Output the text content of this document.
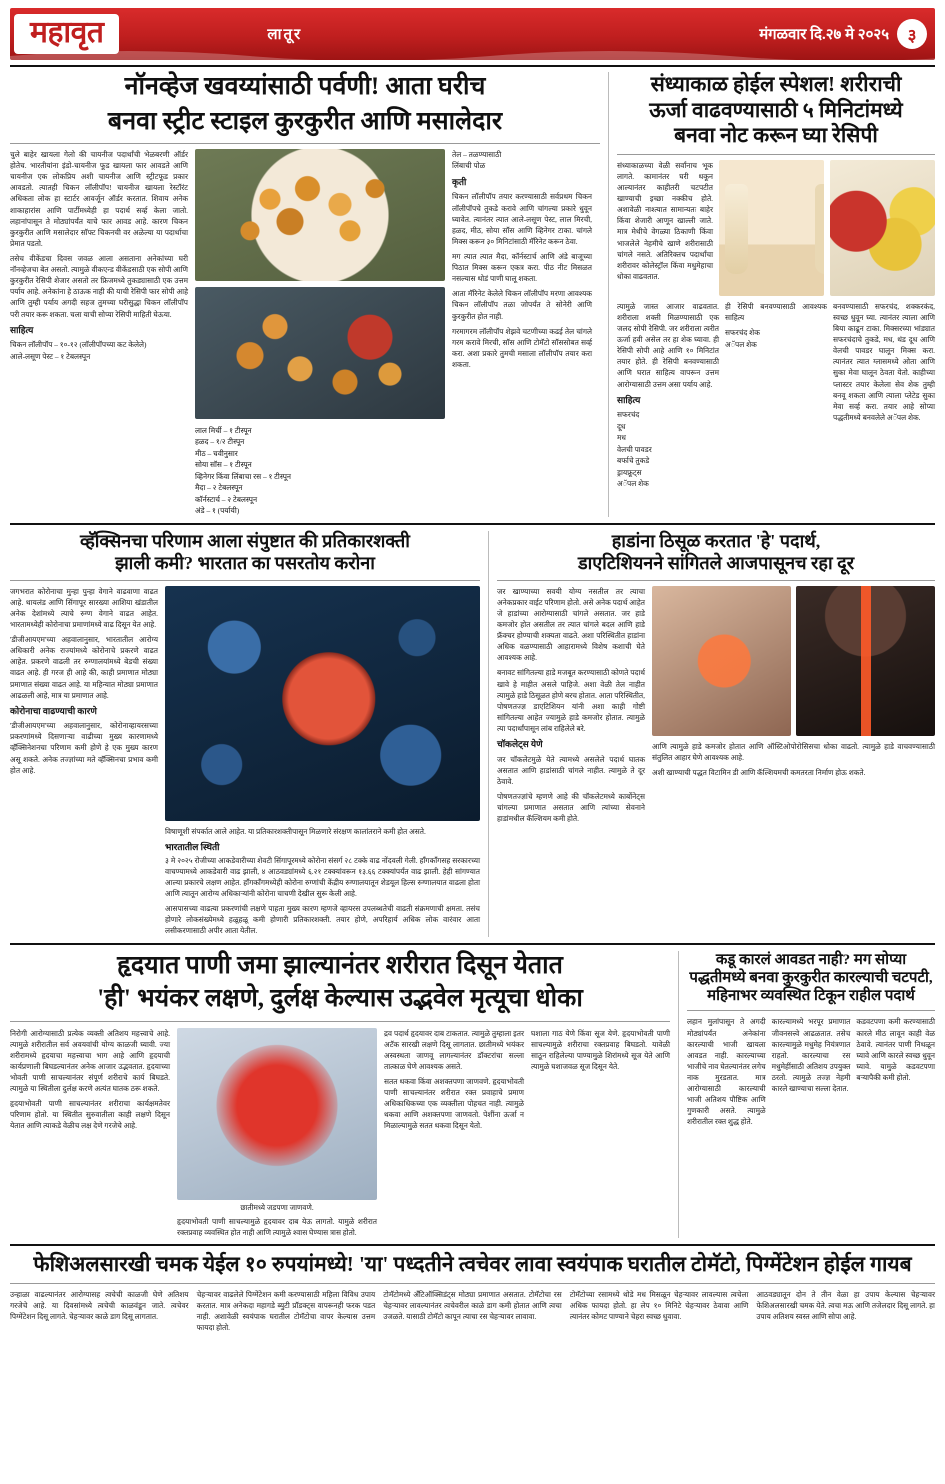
महावृत	लातूर	मंगळवार दि.२७ मे २०२५	३
नॉनव्हेज खवय्यांसाठी पर्वणी! आता घरीच
बनवा स्ट्रीट स्टाइल कुरकुरीत आणि मसालेदार

चुले बाहेर खायला गेलो की चायनीज पदार्थांची भेळबरणी ऑर्डर होतेच. भारतीयांना इंडो-चायनीज फूड खायला फार आवडते आणि चायनीज एक लोकप्रिय अशी चायनीज आणि स्ट्रीटफूड प्रकार आवडतो. त्यातही चिकन लॉलीपॉप! चायनीज खायला रेस्टॉरंट अधिकता लोक हा स्टार्टर आवर्जून ऑर्डर करतात. शिवाय अनेक शाकाहारांस आणि पार्टीमध्येही हा पदार्थ सर्व्ह केला जातो. लहानांपासून ते मोठ्यांपर्यंत याचे फार आवड आहे. कारण चिकन कुरकुरीत आणि मसालेदार सॉफ्ट चिकनची वर अळेल्या या पदार्थाचा प्रेमात पडतो.

तसेच वीकेंडचा दिवस जवळ आला असताना अनेकांच्या घरी नॉनव्हेजचा बेत असतो. त्यामुळे वीकएन्ड वीकेंडसाठी एक सोपी आणि कुरकुरीत रेसिपी शेजार असतो तर फ्रिजमध्ये तुकड्यासाठी एक उत्तम पर्याय आहे. अनेकांना हे ठाऊक नाही की याची रेसिपी फार सोपी आहे आणि तुम्ही पर्याय अगदी सहज तुमच्या घरीसुद्धा चिकन लॉलीपॉप परी तयार करू शकता. चला याची सोप्या रेसिपी माहिती घेऊया.

साहित्य
चिकन लॉलीपॉप – १०-१२ (लॉलीपॉपच्या कट केलेले)
आले-लसूण पेस्ट – १ टेबलस्पून
लाल मिर्ची – १ टीस्पून
हळद – १/२ टीस्पून
मीठ – चवीनुसार
सोया सॉस – १ टीस्पून
व्हिनेगर किंवा लिंबाचा रस – १ टीस्पून
मैदा – २ टेबलस्पून
कॉर्नस्टार्च – २ टेबलस्पून
अंडे – १ (पर्यायी)
तेल – तळण्यासाठी
लिंबाची पोळ
कृती

चिकन लॉलीपॉप तयार करण्यासाठी सर्वप्रथम चिकन लॉलीपॉपचे तुकडे करावे आणि चांगल्या प्रकारे धुवून घ्यावेत. त्यानंतर त्यात आले-लसूण पेस्ट, लाल मिरची, हळद, मीठ, सोया सॉस आणि व्हिनेगर टाका. चांगले मिक्स करून ३० मिनिटांसाठी मॅरिनेट करून ठेवा.

मग त्यात त्यात मैदा, कॉर्नस्टार्च आणि अंडे बाजूच्या पिठात मिक्स करून एकत्र करा. पीठ नीट मिसळत नसल्यास थोडं पाणी घालू शकता.

आता मॅरिनेट केलेले चिकन लॉलीपॉप मरणा आवश्यक चिकन लॉलीपॉप तळा जोपर्यंत ते सोनेरी आणि कुरकुरीत होत नाही.

गरमागरम लॉलीपॉप शेझवे चटणीच्या कढई तेल चांगले गरम करावे मिरची, सॉस आणि टोमॅटो सॉससोबत सर्व्ह करा. अशा प्रकारे तुमची मसाला लॉलीपॉप तयार करा शकता.

संध्याकाळ होईल स्पेशल! शरीराची
ऊर्जा वाढवण्यासाठी ५ मिनिटांमध्ये
बनवा नोट करून घ्या रेसिपी

संध्याकाळच्या वेळी सर्वांनाच भूक लागते. कामानंतर घरी थकून आल्यानंतर काहीतरी चटपटीत खाण्याची इच्छा नक्कीच होते. अशावेळी नाश्त्यात सामान्यतः बाहेर किंवा शेजारी आणून खाल्ली जाते. मात्र मेथीचे वेगळ्या ठिकाणी किंवा भाजलेले नेहमीचे खाणे शरीरासाठी चांगले नसते. अतिरिक्तच पदार्थांचा शरीरावर कोलेस्ट्रॉल किंवा मधुमेहाचा धोका वाढवतात.

त्यामुळे जास्त आजार वाढवतात. शरीराला शक्ती मिळण्यासाठी एक जलद सोपी रेसिपी. जर शरीराला त्वरीत ऊर्जा हवी असेल तर हा शेक घ्यावा. ही रेसिपी सोपी आहे आणि १० मिनिटांत तयार होते. ही रेसिपी बनवण्यासाठी आणि घरात साहित्य वापरून उत्तम आरोग्यासाठी उत्तम असा पर्याय आहे.

साहित्य
सफरचंद
दूध
मध
वेलची पावडर
बर्फाचे तुकडे
ड्रायफ्रूट्स
अॅपल शेक

ही रेसिपी बनवण्यासाठी आवश्यक साहित्य

सफरचंद शेक
अॅपल शेक

बनवण्यासाठी सफरचंद, शक्करकंद, स्वच्छ धुवून घ्या. त्यानंतर त्याला आणि बिया काढून टाका. मिक्सरच्या भांड्यात सफरचंदाचे तुकडे, मध, थंड दूध आणि वेलची पावडर घालून मिक्स करा. त्यानंतर त्यात ग्लासमध्ये ओता आणि सुका मेवा घालून ठेवता येतो. काहीच्या प्लास्टर तयार केलेला सेव शेक तुम्ही बनवू शकता आणि त्याला प्लेटेड सुका मेवा सर्व्ह करा. तयार आहे सोप्या पद्धतीमध्ये बनवलेले अॅपल शेक.

व्हॅक्सिनचा परिणाम आला संपुष्टात की प्रतिकारशक्ती
झाली कमी? भारतात का पसरतोय करोना

जगभरात कोरोनाचा मुन्हा पुन्हा वेगाने वाढवाणा वाढत आहे. थायलंड आणि सिंगापूर सारख्या आशिया खंडातील अनेक देशांमध्ये त्याचे रुग्ण वेगाने वाढत आहेत. भारतामध्येही कोरोनाचा प्रमाणांमध्ये वाढ दिसून येत आहे.

'डीजीआयएम'च्या अहवालानुसार, भारतातील आरोग्य अधिकारी अनेक राज्यांमध्ये कोरोनाचे प्रकरणे वाढत आहेत. प्रकरणे वाढली तर रुग्णालयांमध्ये बेडची संख्या वाढत आहे. ही गरज ही आहे की, काही प्रमाणात मोठ्या प्रमाणात संख्या वाढत आहे. या महिन्यात मोठ्या प्रमाणात आढळली आहे, मात्र या प्रमाणात आहे.

कोरोनाचा वाढण्याची कारणे

'डीजीआयएम'च्या अहवालानुसार, कोरोनाव्हायरसच्या प्रकरणांमध्ये दिसणाऱ्या वाढीच्या मुख्य कारणामध्ये व्हॅक्सिनेशनचा परिणाम कमी होणे हे एक मुख्य कारण असू शकते. अनेक तज्ज्ञांच्या मते व्हॅक्सिनचा प्रभाव कमी होत आहे.

विषाणूशी संपर्कात आले आहेत. या प्रतिकारशक्तीपासून मिळणारे संरक्षण कालांतराने कमी होत असते.
भारतातील स्थिती
३ मे २०२५ रोजीच्या आकडेवारीच्या शेवटी सिंगापूरमध्ये कोरोना संसर्ग २८ टक्के वाढ नोंदवली गेली. हाँगकाँगसह सरकारच्या वाचण्यामध्ये आकडेवारी वाढ झाली, ४ आठवड्यांमध्ये ६.२१ टक्क्यांवरून १३.६६ टक्क्यांपर्यंत वाढ झाली. हेही सांगण्यात आल्या प्रकारचे लक्षण आहेत. हाँगकाँगमध्येही कोरोना रुग्णांची केंद्रीय रुग्णालयातून शेडयूल हिल्स रुग्णालयात वाढला होता आणि त्यातून आरोग्य अधिकाऱ्यांनी कोरोना चाचणी देखील सुरू केली आहे.
आसपासच्या वाढत्या प्रकरणांची लक्षणे पाहता मुख्य कारण म्हणजे व्हायरस उपलब्धतेची वाढती संक्रमणाची क्षमता. तसंच होणारे लोकसंख्येमध्ये हळूहळू कमी होणारी प्रतिकारशक्ती. तयार होणे, अपरिहार्य अधिक लोक वारंवार आता लसीकरणासाठी अपीर आता येतील.
हाडांना ठिसूळ करतात 'हे' पदार्थ,
डाएटिशियनने सांगितले आजपासूनच रहा दूर

जर खाण्याच्या सवयी योग्य नसतील तर त्याचा अनेकप्रकार वाईट परिणाम होतो. असे अनेक पदार्थ आहेत जे हाडांच्या आरोग्यासाठी चांगले असतात. जर हाडे कमजोर होत असतील तर त्यात चांगले बदल आणि हाडे फ्रॅक्चर होण्याची शक्यता वाढते. अशा परिस्थितीत हाडांना अधिक वळण्यासाठी आहारामध्ये विशेष कशाची घेते आवश्यक आहे.

बनावट सांगितल्या हाडे मजबूत करण्यासाठी कोणते पदार्थ खावे हे माहीत असले पाहिजे. अशा वेळी तेल नाहीत त्यामुळे हाडे ठिसूळत होणे बरच होतात. आता परिस्थितीत, पोषणतज्ज्ञ डाएटिशियन यांनी अशा काही गोष्टी सांगितल्या आहेत ज्यामुळे हाडे कमजोर होतात. त्यामुळे त्या पदार्थांपासून लांब राहिलेले बरे.

चॉकलेट्स येणे

जर चॉकलेटमुळे येते त्यामध्ये असलेले पदार्थ घातक असतात आणि हाडांसाठी चांगले नाहीत. त्यामुळे ते दूर ठेवावे.

पोषणतज्ज्ञांचे म्हणणे आहे की चॉकलेटमध्ये कार्बोनेट्स चांगल्या प्रमाणात असतात आणि त्यांच्या सेवनाने हाडांमधील कॅल्शियम कमी होते.

आणि त्यामुळे हाडे कमजोर होतात आणि ऑस्टिओपोरोसिसचा धोका वाढतो. त्यामुळे हाडे वाचवण्यासाठी संतुलित आहार घेणे आवश्यक आहे.
अशी खाण्याची पद्धत विटामिन डी आणि कॅल्शियमची कमतरता निर्माण होऊ शकते.
हृदयात पाणी जमा झाल्यानंतर शरीरात दिसून येतात
'ही' भयंकर लक्षणे, दुर्लक्ष केल्यास उद्भवेल मृत्यूचा धोका

निरोगी आरोग्यासाठी प्रत्येक व्यक्ती अतिशय महत्त्वाचे आहे. त्यामुळे शरीरातील सर्व अवयवांची योग्य काळजी घ्यावी. ज्या शरीरामध्ये हृदयाचा महत्त्वाचा भाग आहे आणि हृदयाची कार्यप्रणाली बिघडल्यानंतर अनेक आजार उद्भवतात. हृदयाच्या भोवती पाणी साचल्यानंतर संपूर्ण शरीराचे कार्य बिघडते. त्यामुळे या स्थितीला दुर्लक्ष करणे अत्यंत घातक ठरू शकते.

हृदयाभोवती पाणी साचल्यानंतर शरीराचा कार्यक्षमतेवर परिणाम होतो. या स्थितीत सुरुवातीला काही लक्षणे दिसून येतात आणि त्याकडे वेळीच लक्ष देणे गरजेचे आहे.

छातीमध्ये जडपणा जाणवणे.
हृदयाभोवती पाणी साचल्यामुळे हृदयावर दाब येऊ लागतो. यामुळे शरीरात रक्तप्रवाह व्यवस्थित होत नाही आणि त्यामुळे श्वास घेण्यास त्रास होतो.

द्रव पदार्थ हृदयावर दाब टाकतात. त्यामुळे तुम्हाला इतर अटॅक सारखी लक्षणे दिसू लागतात. छातीमध्ये भयंकर अस्वस्थता जाणवू लागल्यानंतर डॉक्टरांचा सल्ला तात्काळ घेणे आवश्यक असते.

सतत थकवा किंवा अशक्तपणा जाणवणे. हृदयाभोवती पाणी साचल्यानंतर शरीरात रक्त प्रवाहाचे प्रमाण अधिकाधिकच्या एक व्यक्तीला पोहचत नाही. त्यामुळे थकवा आणि अशक्तपणा जाणवतो. पेशींना ऊर्जा न मिळाल्यामुळे सतत थकवा दिसून येतो.

घशाला गाठ येणे किंवा सूज येणे. हृदयाभोवती पाणी साचल्यामुळे शरीराचा रक्तप्रवाह बिघडतो. यावेळी साठून राहिलेल्या पाण्यामुळे शिरांमध्ये सूज येते आणि त्यामुळे घशाजवळ सूज दिसून येते.

कडू कारलं आवडत नाही? मग सोप्या
पद्धतीमध्ये बनवा कुरकुरीत कारल्याची चटपटी,
महिनाभर व्यवस्थित टिकून राहील पदार्थ

लहान मुलांपासून ते अगदी मोठ्यांपर्यंत अनेकांना कारल्याची भाजी खायला आवडत नाही. कारल्याच्या भाजीचे नाव घेतल्यानंतर लगेच नाक मुरडतात. मात्र आरोग्यासाठी कारल्याची भाजी अतिशय पौष्टिक आणि गुणकारी असते. त्यामुळे शरीरातील रक्त शुद्ध होते.

कारल्यामध्ये भरपूर प्रमाणात जीवनसत्त्वे आढळतात. तसेच कारल्यामुळे मधुमेह नियंत्रणात राहतो. कारल्याचा रस मधुमेहींसाठी अतिशय उपयुक्त ठरतो. त्यामुळे तज्ज्ञ नेहमी कारले खाण्याचा सल्ला देतात.

कडवटपणा कमी करण्यासाठी कारले मीठ लावून काही वेळ ठेवावे. त्यानंतर पाणी निथळून घ्यावे आणि कारले स्वच्छ धुवून घ्यावे. यामुळे कडवटपणा बऱ्यापैकी कमी होतो.

फेशिअलसारखी चमक येईल १० रुपयांमध्ये! 'या' पध्दतीने त्वचेवर लावा स्वयंपाक घरातील टोमॅटो, पिग्मेंटेशन होईल गायब

उन्हाळा वाढल्यानंतर आरोग्यासह त्वचेची काळजी घेणे अतिशय गरजेचे आहे. या दिवसांमध्ये त्वचेची काळवंडून जाते. त्वचेवर पिग्मेंटेशन दिसू लागते. चेहऱ्यावर काळे डाग दिसू लागतात.

चेहऱ्यावर वाढलेले पिग्मेंटेशन कमी करण्यासाठी महिला विविध उपाय करतात. मात्र अनेकदा महागडे ब्युटी प्रॉडक्ट्स वापरूनही फरक पडत नाही. अशावेळी स्वयंपाक घरातील टोमॅटोचा वापर केल्यास उत्तम फायदा होतो.

टोमॅटोमध्ये अँटिऑक्सिडंट्स मोठ्या प्रमाणात असतात. टोमॅटोचा रस चेहऱ्यावर लावल्यानंतर त्वचेवरील काळे डाग कमी होतात आणि त्वचा उजळते. यासाठी टोमॅटो कापून त्याचा रस चेहऱ्यावर लावावा.

टोमॅटोच्या रसामध्ये थोडे मध मिसळून चेहऱ्यावर लावल्यास त्वचेला अधिक फायदा होतो. हा लेप १० मिनिटे चेहऱ्यावर ठेवावा आणि त्यानंतर कोमट पाण्याने चेहरा स्वच्छ धुवावा.

आठवड्यातून दोन ते तीन वेळा हा उपाय केल्यास चेहऱ्यावर फेशिअलसारखी चमक येते. त्वचा मऊ आणि तजेलदार दिसू लागते. हा उपाय अतिशय स्वस्त आणि सोपा आहे.
